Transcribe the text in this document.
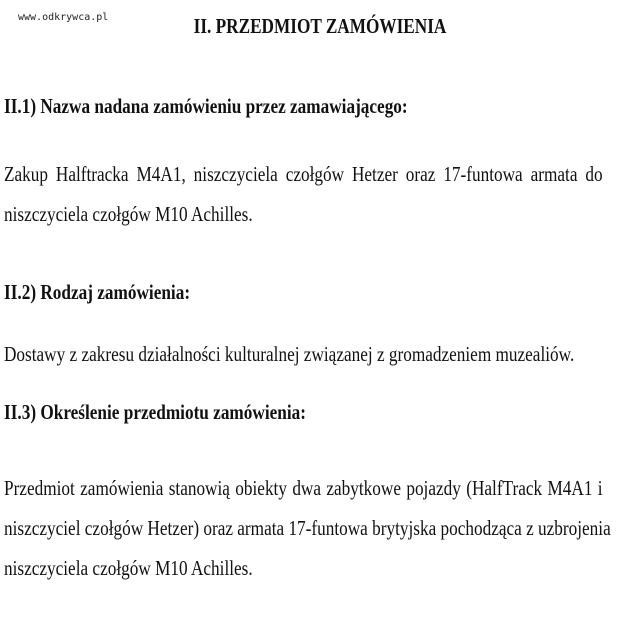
www.odkrywca.pl	II. PRZEDMIOT ZAMÓWIENIA
II.1) Nazwa nadana zamówieniu przez zamawiającego:
Zakup Halftracka M4A1, niszczyciela czołgów Hetzer oraz 17-funtowa armata do
niszczyciela czołgów M10 Achilles.
II.2) Rodzaj zamówienia:
Dostawy z zakresu działalności kulturalnej związanej z gromadzeniem muzealiów.
II.3) Określenie przedmiotu zamówienia:
Przedmiot zamówienia stanowią obiekty dwa zabytkowe pojazdy (HalfTrack M4A1 i
niszczyciel czołgów Hetzer) oraz armata 17-funtowa brytyjska pochodząca z uzbrojenia
niszczyciela czołgów M10 Achilles.
